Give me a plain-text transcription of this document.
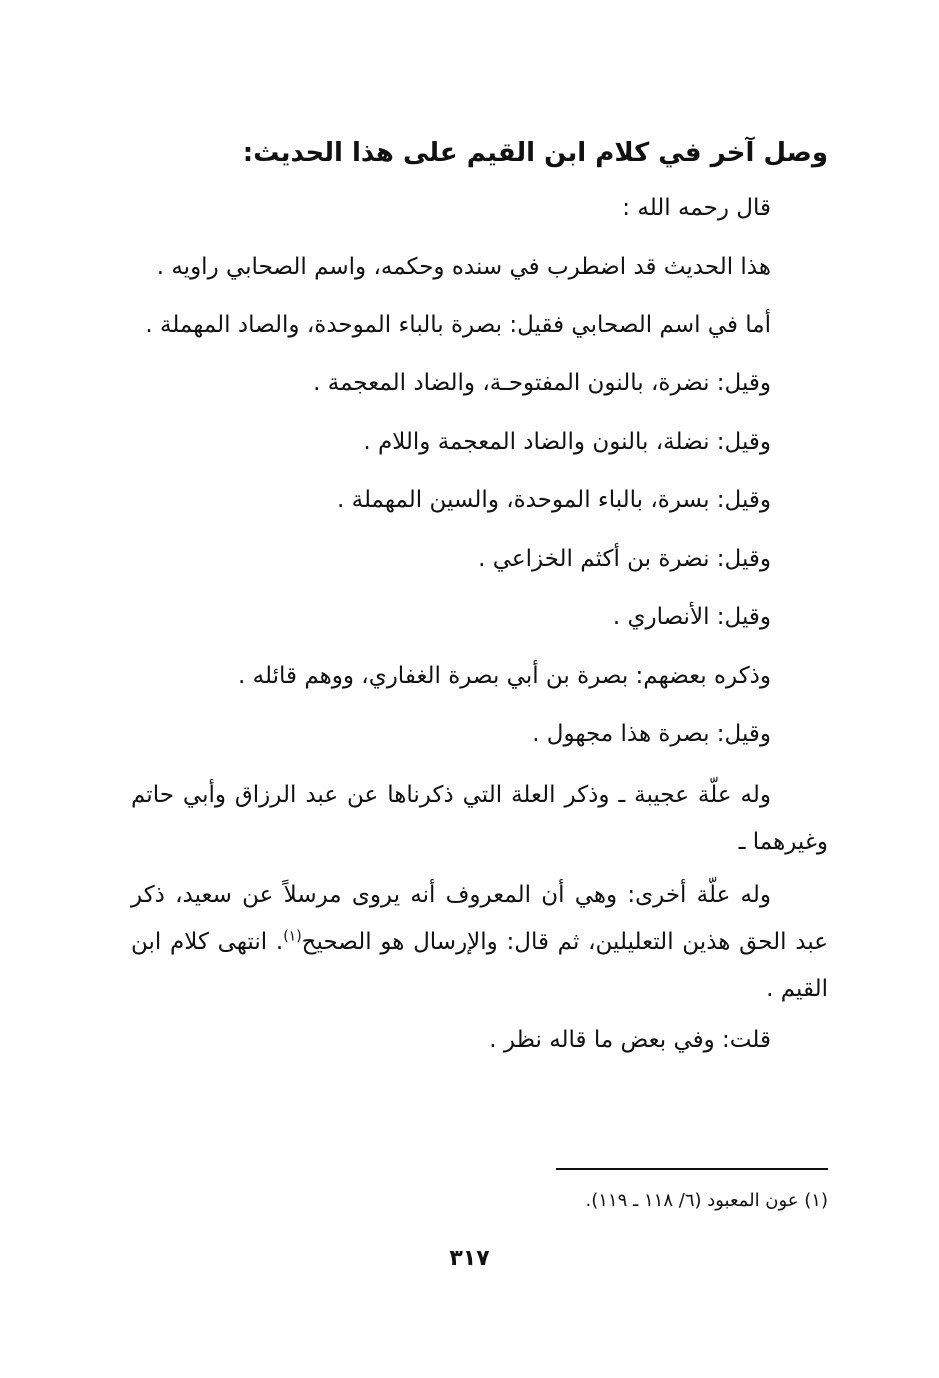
وصل آخر في كلام ابن القيم على هذا الحديث:
قال رحمه الله :
هذا الحديث قد اضطرب في سنده وحكمه، واسم الصحابي راويه .
أما في اسم الصحابي فقيل: بصرة بالباء الموحدة، والصاد المهملة .
وقيل: نضرة، بالنون المفتوحـة، والضاد المعجمة .
وقيل: نضلة، بالنون والضاد المعجمة واللام .
وقيل: بسرة، بالباء الموحدة، والسين المهملة .
وقيل: نضرة بن أكثم الخزاعي .
وقيل: الأنصاري .
وذكره بعضهم: بصرة بن أبي بصرة الغفاري، ووهم قائله .
وقيل: بصرة هذا مجهول .
وله علّة عجيبة ـ وذكر العلة التي ذكرناها عن عبد الرزاق وأبي حاتم وغيرهما ـ
وله علّة أخرى: وهي أن المعروف أنه يروى مرسلاً عن سعيد، ذكر عبد الحق هذين التعليلين، ثم قال: والإرسال هو الصحيح$^{(١)}$. انتهى كلام ابن القيم .
قلت: وفي بعض ما قاله نظر .
(١) عون المعبود (٦/ ١١٨ ـ ١١٩).
٣١٧
